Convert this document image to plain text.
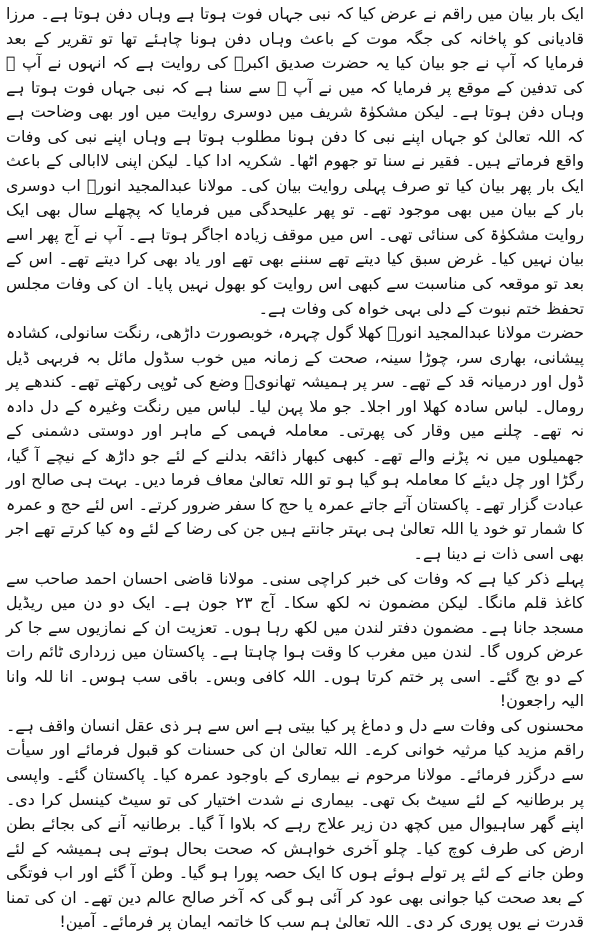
ایک بار بیان میں راقم نے عرض کیا کہ نبی جہاں فوت ہوتا ہے وہاں دفن ہوتا ہے۔ مرزا قادیانی کو پاخانہ کی جگہ موت کے باعث وہاں دفن ہونا چاہئے تھا تو تقریر کے بعد فرمایا کہ آپ نے جو بیان کیا یہ حضرت صدیق اکبرؓ کی روایت ہے کہ انہوں نے آپ ﷺ کی تدفین کے موقع پر فرمایا کہ میں نے آپ ﷺ سے سنا ہے کہ نبی جہاں فوت ہوتا ہے وہاں دفن ہوتا ہے۔ لیکن مشکوٰۃ شریف میں دوسری روایت میں اور بھی وضاحت ہے کہ اللہ تعالیٰ کو جہاں اپنے نبی کا دفن ہونا مطلوب ہوتا ہے وہاں اپنے نبی کی وفات واقع فرماتے ہیں۔ فقیر نے سنا تو جھوم اٹھا۔ شکریہ ادا کیا۔ لیکن اپنی لاابالی کے باعث ایک بار پھر بیان کیا تو صرف پہلی روایت بیان کی۔ مولانا عبدالمجید انورؒ اب دوسری بار کے بیان میں بھی موجود تھے۔ تو پھر علیحدگی میں فرمایا کہ پچھلے سال بھی ایک روایت مشکوٰۃ کی سنائی تھی۔ اس میں موقف زیادہ اجاگر ہوتا ہے۔ آپ نے آج پھر اسے بیان نہیں کیا۔ غرض سبق کیا دیتے تھے سننے بھی تھے اور یاد بھی کرا دیتے تھے۔ اس کے بعد تو موقعہ کی مناسبت سے کبھی اس روایت کو بھول نہیں پایا۔ ان کی وفات مجلس تحفظ ختم نبوت کے دلی بہی خواہ کی وفات ہے۔

حضرت مولانا عبدالمجید انورؒ کھلا گول چہرہ، خوبصورت داڑھی، رنگت سانولی، کشادہ پیشانی، بھاری سر، چوڑا سینہ، صحت کے زمانہ میں خوب سڈول مائل بہ فربہی ڈیل ڈول اور درمیانہ قد کے تھے۔ سر پر ہمیشہ تھانویؒ وضع کی ٹوپی رکھتے تھے۔ کندھے پر رومال۔ لباس سادہ کھلا اور اجلا۔ جو ملا پہن لیا۔ لباس میں رنگت وغیرہ کے دل دادہ نہ تھے۔ چلنے میں وقار کی پھرتی۔ معاملہ فہمی کے ماہر اور دوستی دشمنی کے جھمیلوں میں نہ پڑنے والے تھے۔ کبھی کبھار ذائقہ بدلنے کے لئے جو داڑھ کے نیچے آ گیا، رگڑا اور چل دیئے کا معاملہ ہو گیا ہو تو اللہ تعالیٰ معاف فرما دیں۔ بہت ہی صالح اور عبادت گزار تھے۔ پاکستان آتے جاتے عمرہ یا حج کا سفر ضرور کرتے۔ اس لئے حج و عمرہ کا شمار تو خود یا اللہ تعالیٰ ہی بہتر جانتے ہیں جن کی رضا کے لئے وہ کیا کرتے تھے اجر بھی اسی ذات نے دینا ہے۔

پہلے ذکر کیا ہے کہ وفات کی خبر کراچی سنی۔ مولانا قاضی احسان احمد صاحب سے کاغذ قلم مانگا۔ لیکن مضمون نہ لکھ سکا۔ آج ۲۳ جون ہے۔ ایک دو دن میں ریڈیل مسجد جانا ہے۔ مضمون دفتر لندن میں لکھ رہا ہوں۔ تعزیت ان کے نمازیوں سے جا کر عرض کروں گا۔ لندن میں مغرب کا وقت ہوا چاہتا ہے۔ پاکستان میں زرداری ٹائم رات کے دو بج گئے۔ اسی پر ختم کرتا ہوں۔ اللہ کافی وبس۔ باقی سب ہوس۔ انا للہ وانا الیہ راجعون!

محسنوں کی وفات سے دل و دماغ پر کیا بیتی ہے اس سے ہر ذی عقل انسان واقف ہے۔ راقم مزید کیا مرثیہ خوانی کرے۔ اللہ تعالیٰ ان کی حسنات کو قبول فرمائے اور سیأت سے درگزر فرمائے۔ مولانا مرحوم نے بیماری کے باوجود عمرہ کیا۔ پاکستان گئے۔ واپسی پر برطانیہ کے لئے سیٹ بک تھی۔ بیماری نے شدت اختیار کی تو سیٹ کینسل کرا دی۔ اپنے گھر ساہیوال میں کچھ دن زیر علاج رہے کہ بلاوا آ گیا۔ برطانیہ آنے کی بجائے بطن ارض کی طرف کوچ کیا۔ چلو آخری خواہش کہ صحت بحال ہوتے ہی ہمیشہ کے لئے وطن جانے کے لئے پر تولے ہوئے ہوں کا ایک حصہ پورا ہو گیا۔ وطن آ گئے اور اب فوتگی کے بعد صحت کیا جوانی بھی عود کر آئی ہو گی کہ آخر صالح عالم دین تھے۔ ان کی تمنا قدرت نے یوں پوری کر دی۔ اللہ تعالیٰ ہم سب کا خاتمہ ایمان پر فرمائے۔ آمین!
